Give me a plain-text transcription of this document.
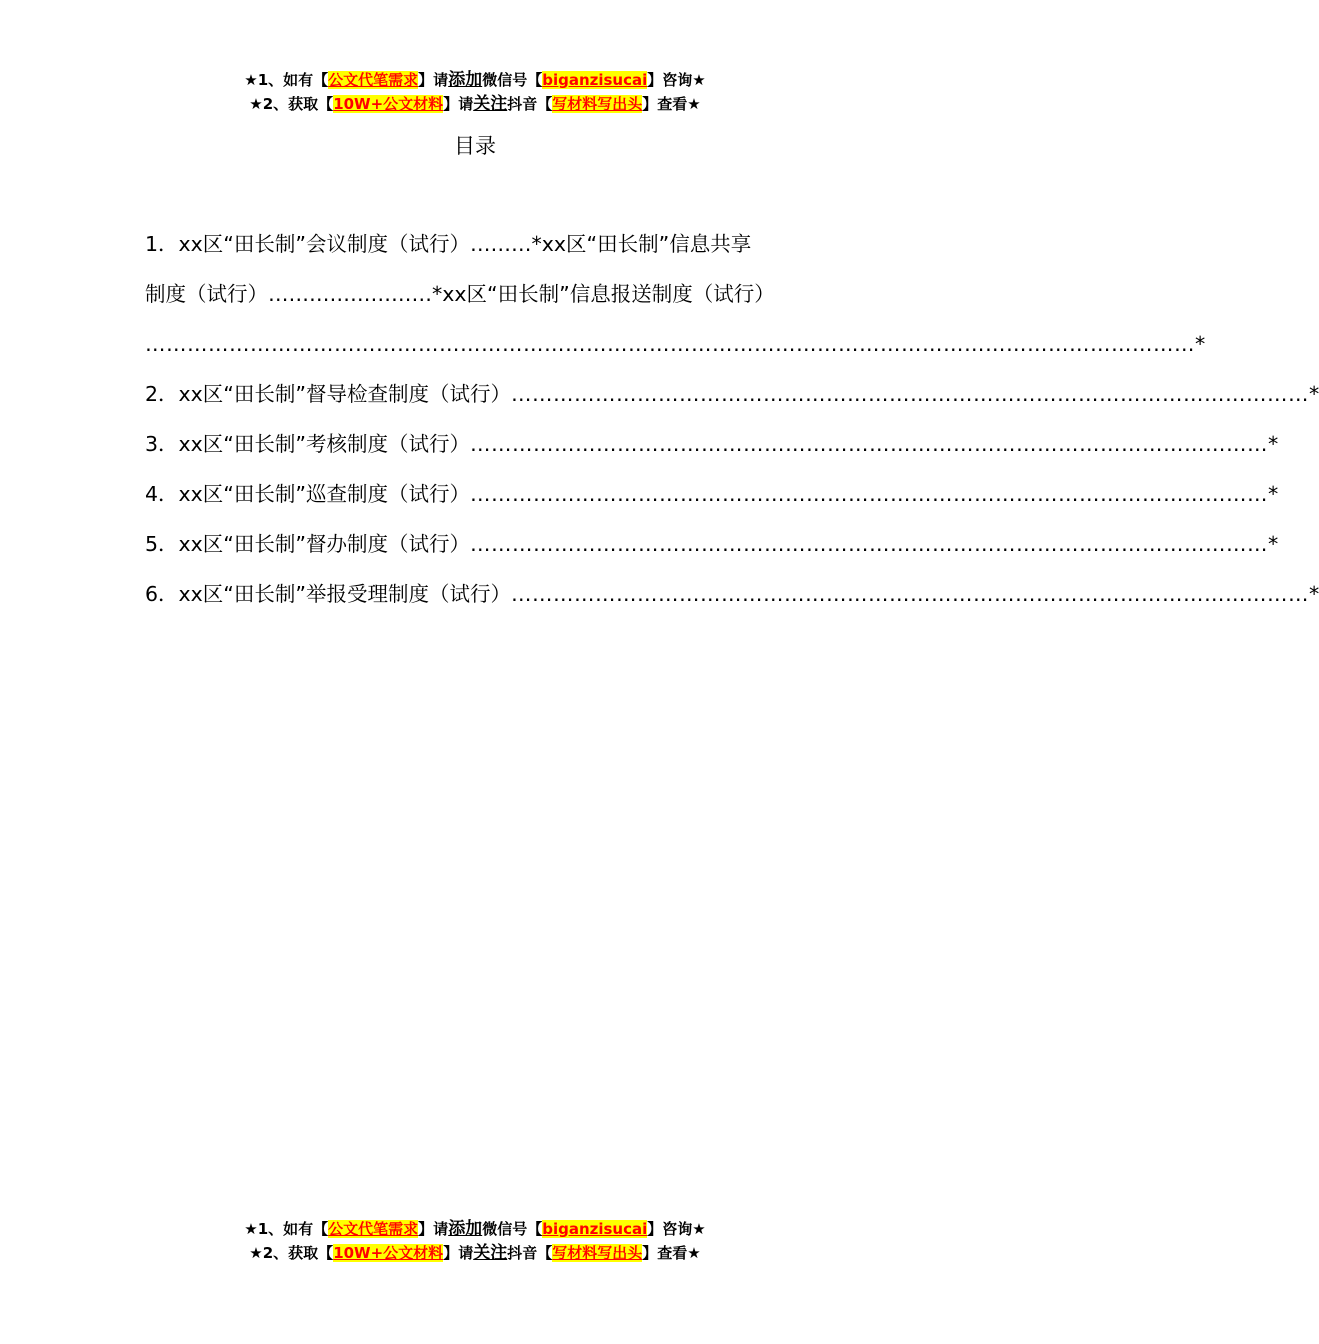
★1、如有【公文代笔需求】请添加微信号【biganzisucai】咨询★
★2、获取【10W+公文材料】请关注抖音【写材料写出头】查看★
目录
1．xx区“田长制”会议制度（试行）………*xx区“田长制”信息共享
制度（试行）……………………*xx区“田长制”信息报送制度（试行）
…………………………………………………………………………………………………………………………………… *
2．xx区“田长制”督导检查制度（试行） …………………………………………………………………………………………………… *
3．xx区“田长制”考核制度（试行） …………………………………………………………………………………………………… *
4．xx区“田长制”巡查制度（试行） …………………………………………………………………………………………………… *
5．xx区“田长制”督办制度（试行） …………………………………………………………………………………………………… *
6．xx区“田长制”举报受理制度（试行） …………………………………………………………………………………………………… *
★1、如有【公文代笔需求】请添加微信号【biganzisucai】咨询★
★2、获取【10W+公文材料】请关注抖音【写材料写出头】查看★
